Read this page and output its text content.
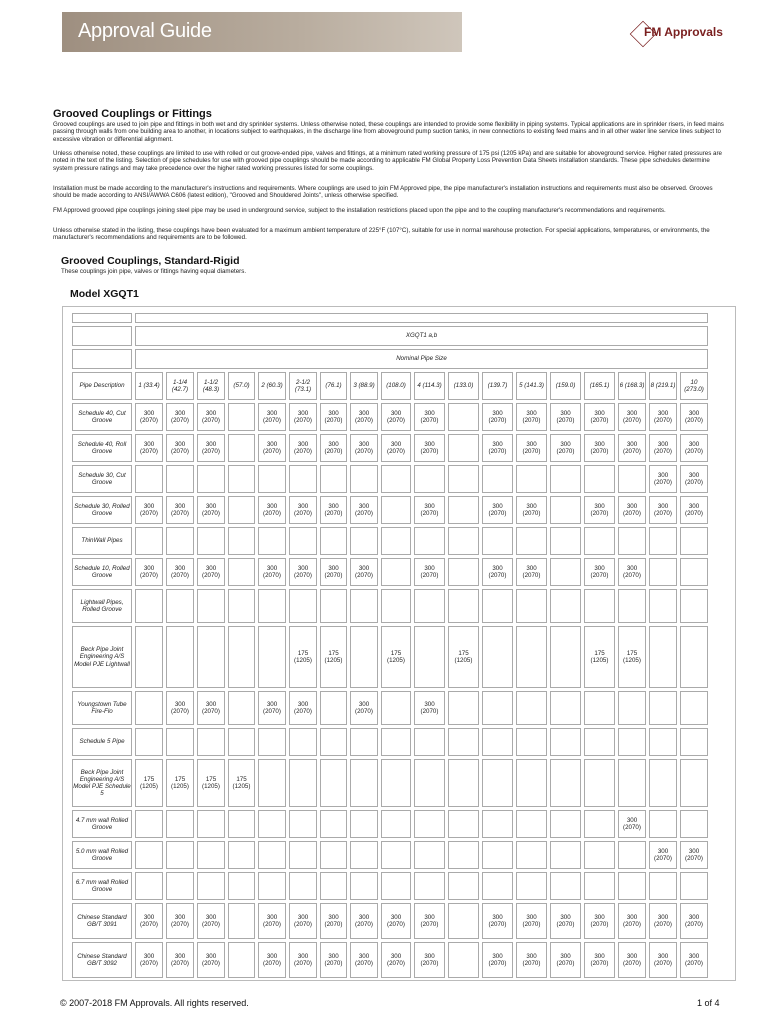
Approval Guide	FM Approvals
Grooved Couplings or Fittings
Grooved couplings are used to join pipe and fittings in both wet and dry sprinkler systems. Unless otherwise noted, these couplings are intended to provide some flexibility in piping systems. Typical applications are in sprinkler risers, in feed mains passing through walls from one building area to another, in locations subject to earthquakes, in the discharge line from aboveground pump suction tanks, in new connections to existing feed mains and in all other water line service lines subject to excessive vibration or differential alignment.
Unless otherwise noted, these couplings are limited to use with rolled or cut groove-ended pipe, valves and fittings, at a minimum rated working pressure of 175 psi (1205 kPa) and are suitable for aboveground service. Higher rated pressures are noted in the text of the listing. Selection of pipe schedules for use with grooved pipe couplings should be made according to applicable FM Global Property Loss Prevention Data Sheets installation standards. These pipe schedules determine system pressure ratings and may take precedence over the higher rated working pressures listed for some couplings.
Installation must be made according to the manufacturer's instructions and requirements. Where couplings are used to join FM Approved pipe, the pipe manufacturer's installation instructions and requirements must also be observed. Grooves should be made according to ANSI/AWWA C606 (latest edition), "Grooved and Shouldered Joints", unless otherwise specified.
FM Approved grooved pipe couplings joining steel pipe may be used in underground service, subject to the installation restrictions placed upon the pipe and to the coupling manufacturer's recommendations and requirements.
Unless otherwise stated in the listing, these couplings have been evaluated for a maximum ambient temperature of 225°F (107°C), suitable for use in normal warehouse protection. For special applications, temperatures, or environments, the manufacturer's recommendations and requirements are to be followed.
Grooved Couplings, Standard-Rigid
These couplings join pipe, valves or fittings having equal diameters.
Model XGQT1

	XGQT1 a,b																	
	Nominal Pipe Size																	
Pipe Description	1 (33.4)	1-1/4 (42.7)	1-1/2 (48.3)	(57.0)	2 (60.3)	2-1/2 (73.1)	(76.1)	3 (88.9)	(108.0)	4 (114.3)	(133.0)	(139.7)	5 (141.3)	(159.0)	(165.1)	6 (168.3)	8 (219.1)	10 (273.0)
Schedule 40, Cut Groove	300 (2070)	300 (2070)	300 (2070)		300 (2070)	300 (2070)	300 (2070)	300 (2070)	300 (2070)	300 (2070)		300 (2070)	300 (2070)	300 (2070)	300 (2070)	300 (2070)	300 (2070)	300 (2070)
Schedule 40, Roll Groove	300 (2070)	300 (2070)	300 (2070)		300 (2070)	300 (2070)	300 (2070)	300 (2070)	300 (2070)	300 (2070)		300 (2070)	300 (2070)	300 (2070)	300 (2070)	300 (2070)	300 (2070)	300 (2070)
Schedule 30, Cut Groove																	300 (2070)	300 (2070)
Schedule 30, Rolled Groove	300 (2070)	300 (2070)	300 (2070)		300 (2070)	300 (2070)	300 (2070)	300 (2070)		300 (2070)		300 (2070)	300 (2070)		300 (2070)	300 (2070)	300 (2070)	300 (2070)
ThinWall Pipes																		
Schedule 10, Rolled Groove	300 (2070)	300 (2070)	300 (2070)		300 (2070)	300 (2070)	300 (2070)	300 (2070)		300 (2070)		300 (2070)	300 (2070)		300 (2070)	300 (2070)		
Lightwall Pipes, Rolled Groove																		
Beck Pipe Joint Engineering A/S Model PJE Lightwall						175 (1205)	175 (1205)		175 (1205)		175 (1205)				175 (1205)	175 (1205)		
Youngstown Tube Fire-Flo		300 (2070)	300 (2070)		300 (2070)	300 (2070)		300 (2070)		300 (2070)								
Schedule 5 Pipe																		
Beck Pipe Joint Engineering A/S Model PJE Schedule 5	175 (1205)	175 (1205)	175 (1205)	175 (1205)														
4.7 mm wall Rolled Groove																300 (2070)		
5.0 mm wall Rolled Groove																	300 (2070)	300 (2070)
6.7 mm wall Rolled Groove																		
Chinese Standard GB/T 3091	300 (2070)	300 (2070)	300 (2070)		300 (2070)	300 (2070)	300 (2070)	300 (2070)	300 (2070)	300 (2070)		300 (2070)	300 (2070)	300 (2070)	300 (2070)	300 (2070)	300 (2070)	300 (2070)
Chinese Standard GB/T 3092	300 (2070)	300 (2070)	300 (2070)		300 (2070)	300 (2070)	300 (2070)	300 (2070)	300 (2070)	300 (2070)		300 (2070)	300 (2070)	300 (2070)	300 (2070)	300 (2070)	300 (2070)	300 (2070)
© 2007-2018 FM Approvals. All rights reserved.	1 of 4
